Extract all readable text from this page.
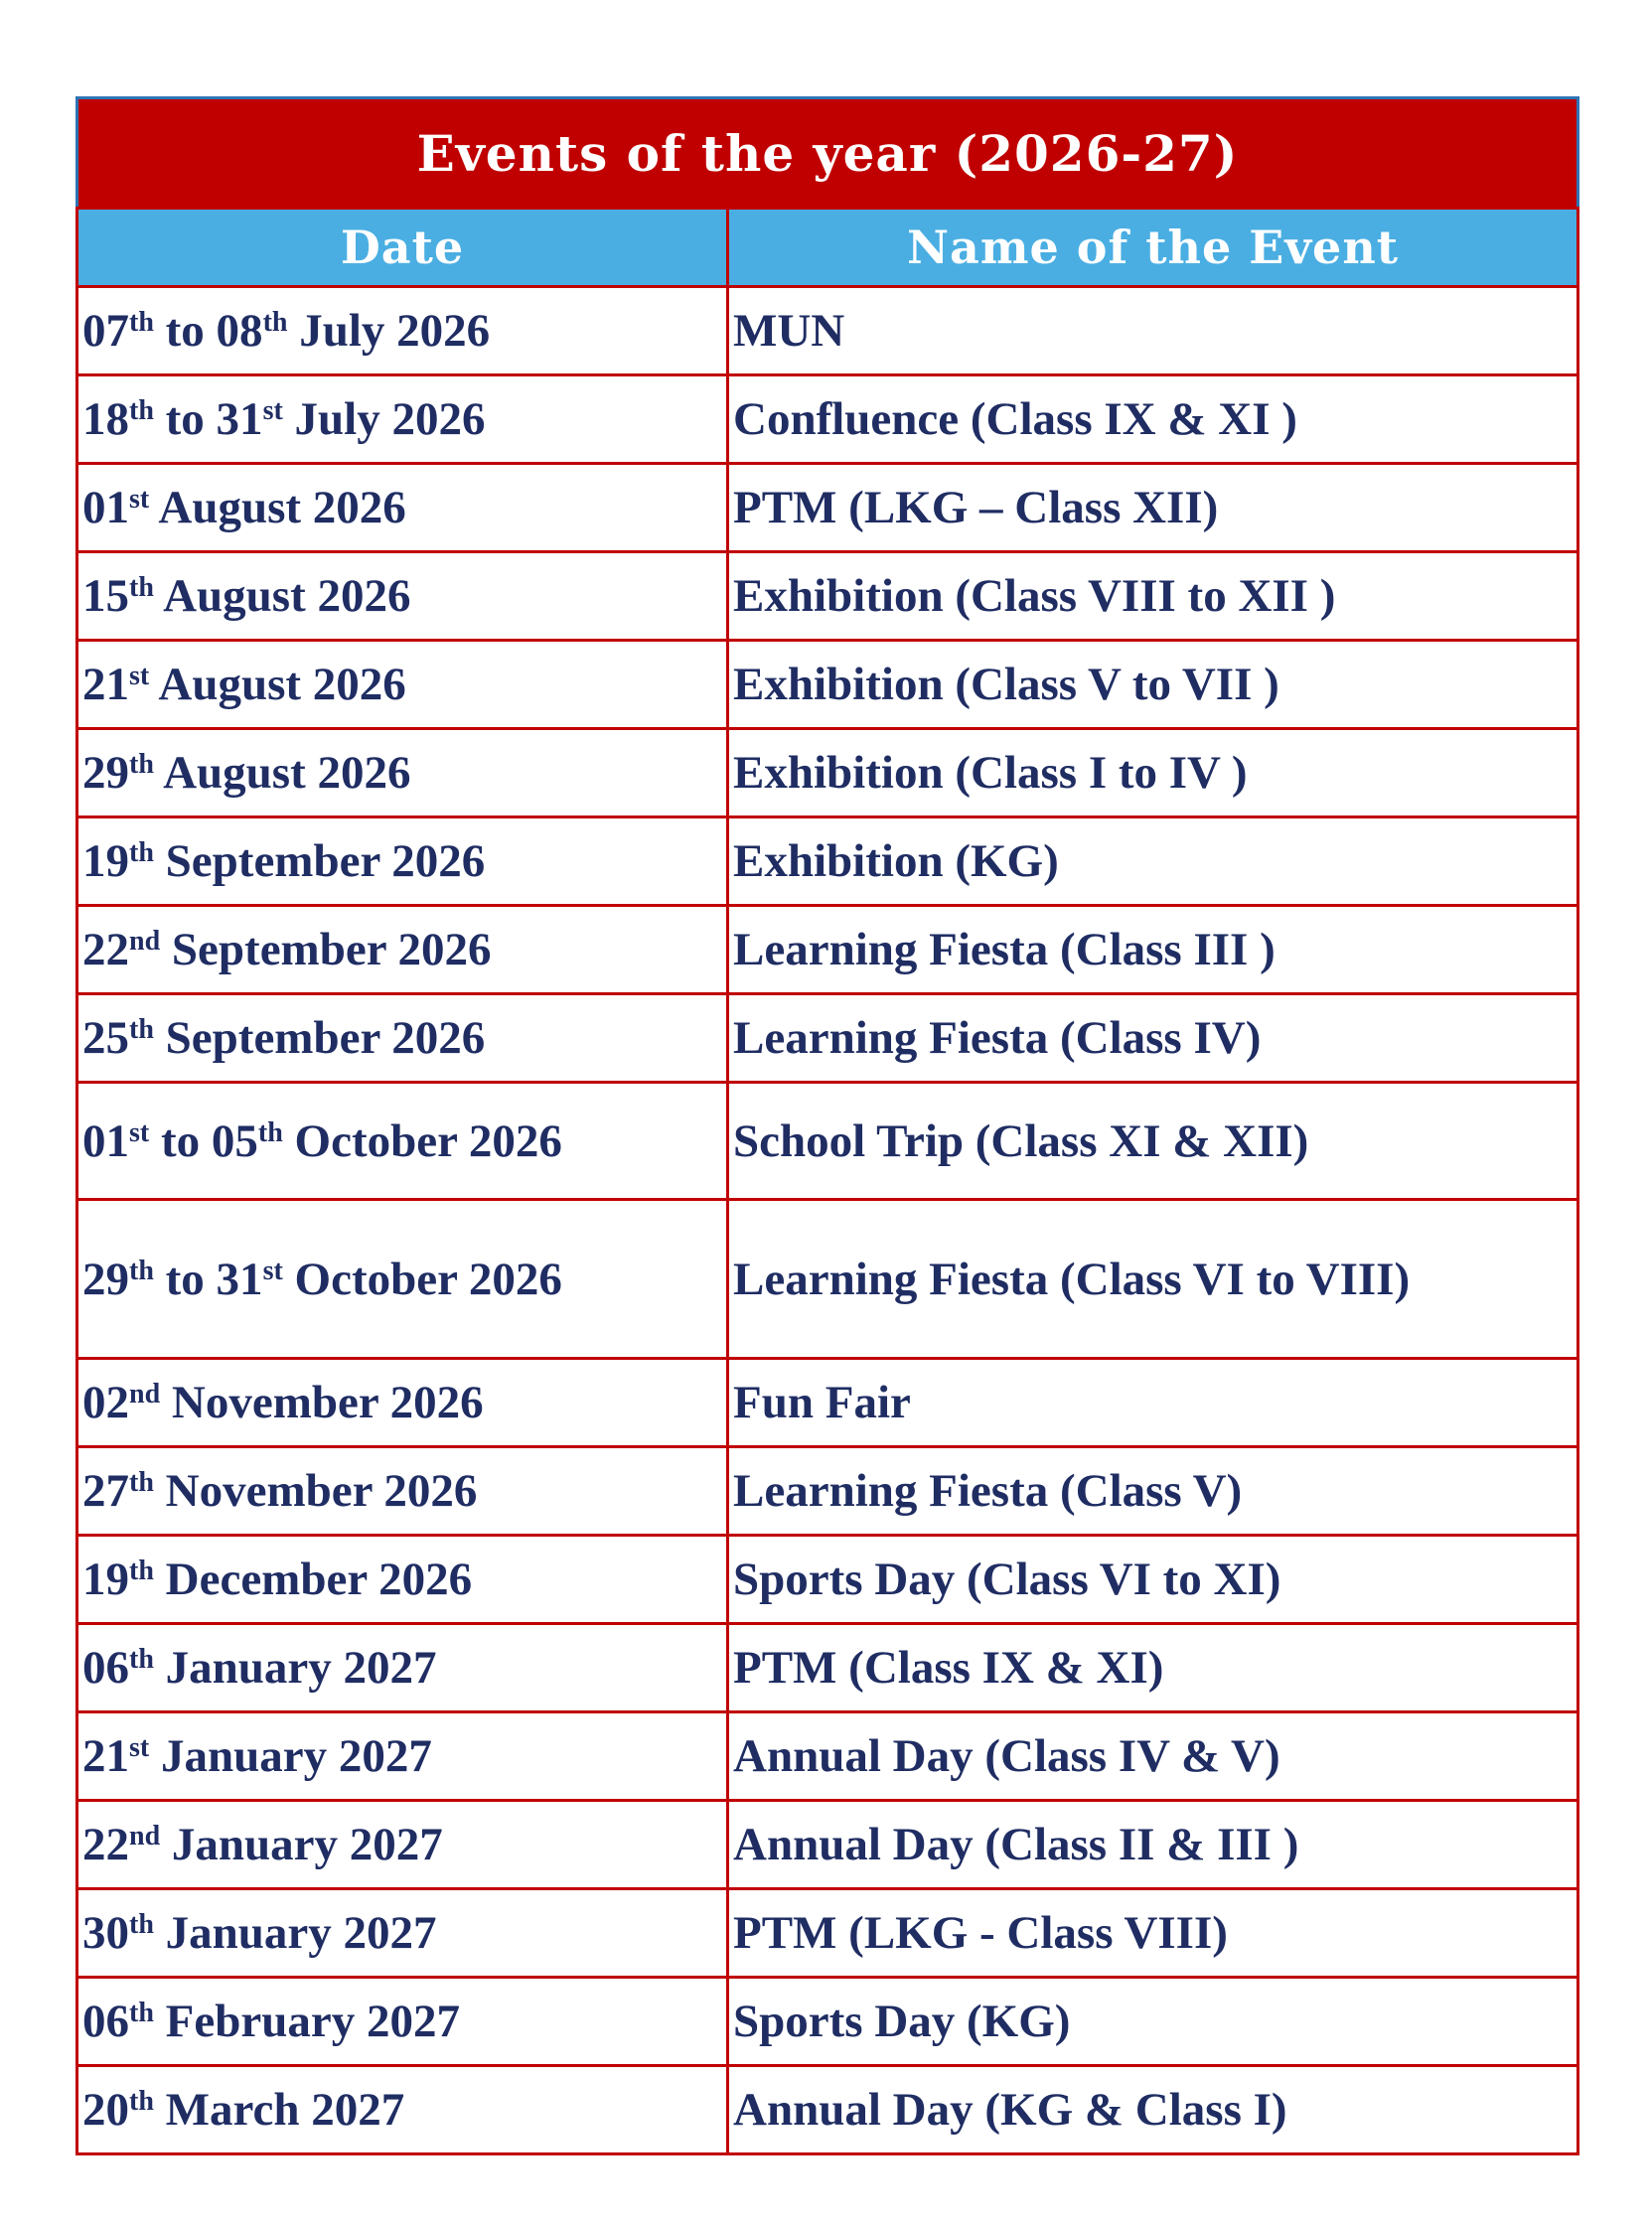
Events of the year (2026-27)	
Date	Name of the Event
07th to 08th July 2026	MUN
18th to 31st July 2026	Confluence (Class IX & XI )
01st August 2026	PTM (LKG – Class XII)
15th August 2026	Exhibition (Class VIII to XII )
21st August 2026	Exhibition (Class V to VII )
29th August 2026	Exhibition (Class I to IV )
19th September 2026	Exhibition (KG)
22nd September 2026	Learning Fiesta (Class III )
25th September 2026	Learning Fiesta (Class IV)
01st to 05th October 2026	School Trip (Class XI & XII)
29th to 31st October 2026	Learning Fiesta (Class VI to VIII)
02nd November 2026	Fun Fair
27th November 2026	Learning Fiesta (Class V)
19th December 2026	Sports Day (Class VI to XI)
06th January 2027	PTM (Class IX & XI)
21st January 2027	Annual Day (Class IV & V)
22nd January 2027	Annual Day (Class II & III )
30th January 2027	PTM (LKG - Class VIII)
06th February 2027	Sports Day (KG)
20th March 2027	Annual Day (KG & Class I)
